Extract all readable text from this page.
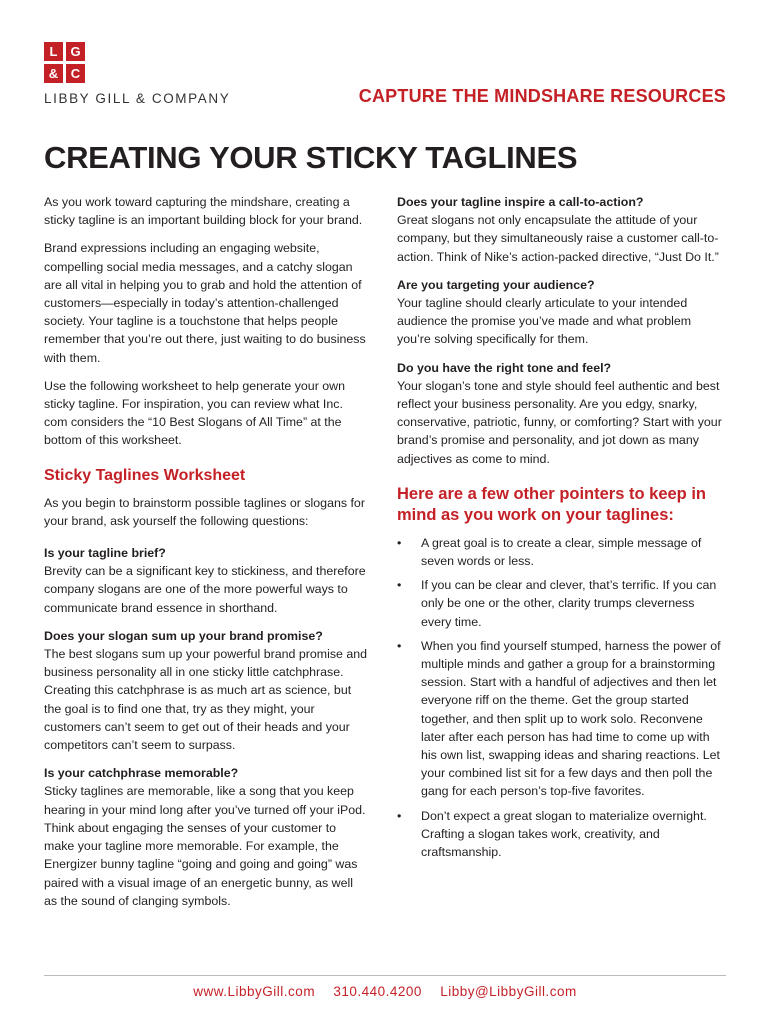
L G
& C
LIBBY GILL & COMPANY	CAPTURE THE MINDSHARE RESOURCES
CREATING YOUR STICKY TAGLINES

As you work toward capturing the mindshare, creating a sticky tagline is an important building block for your brand.

Brand expressions including an engaging website, compelling social media messages, and a catchy slogan are all vital in helping you to grab and hold the attention of customers—especially in today’s attention-challenged society. Your tagline is a touchstone that helps people remember that you’re out there, just waiting to do business with them.

Use the following worksheet to help generate your own sticky tagline. For inspiration, you can review what Inc. com considers the “10 Best Slogans of All Time” at the bottom of this worksheet.

Sticky Taglines Worksheet

As you begin to brainstorm possible taglines or slogans for your brand, ask yourself the following questions:

Is your tagline brief?
Brevity can be a significant key to stickiness, and therefore company slogans are one of the more powerful ways to communicate brand essence in shorthand.
Does your slogan sum up your brand promise?
The best slogans sum up your powerful brand promise and business personality all in one sticky little catchphrase. Creating this catchphrase is as much art as science, but the goal is to find one that, try as they might, your customers can’t seem to get out of their heads and your competitors can’t seem to surpass.
Is your catchphrase memorable?
Sticky taglines are memorable, like a song that you keep hearing in your mind long after you’ve turned off your iPod. Think about engaging the senses of your customer to make your tagline more memorable. For example, the Energizer bunny tagline “going and going and going” was paired with a visual image of an energetic bunny, as well as the sound of clanging symbols.
Does your tagline inspire a call-to-action?
Great slogans not only encapsulate the attitude of your company, but they simultaneously raise a customer call-to-action. Think of Nike’s action-packed directive, “Just Do It.”
Are you targeting your audience?
Your tagline should clearly articulate to your intended audience the promise you’ve made and what problem you’re solving specifically for them.
Do you have the right tone and feel?
Your slogan’s tone and style should feel authentic and best reflect your business personality. Are you edgy, snarky, conservative, patriotic, funny, or comforting? Start with your brand’s promise and personality, and jot down as many adjectives as come to mind.
Here are a few other pointers to keep in mind as you work on your taglines:
• A great goal is to create a clear, simple message of seven words or less.
• If you can be clear and clever, that’s terrific. If you can only be one or the other, clarity trumps cleverness every time.
• When you find yourself stumped, harness the power of multiple minds and gather a group for a brainstorming session. Start with a handful of adjectives and then let everyone riff on the theme. Get the group started together, and then split up to work solo. Reconvene later after each person has had time to come up with his own list, swapping ideas and sharing reactions. Let your combined list sit for a few days and then poll the gang for each person’s top-five favorites.
• Don’t expect a great slogan to materialize overnight. Crafting a slogan takes work, creativity, and craftsmanship.
www.LibbyGill.com 310.440.4200 Libby@LibbyGill.com
